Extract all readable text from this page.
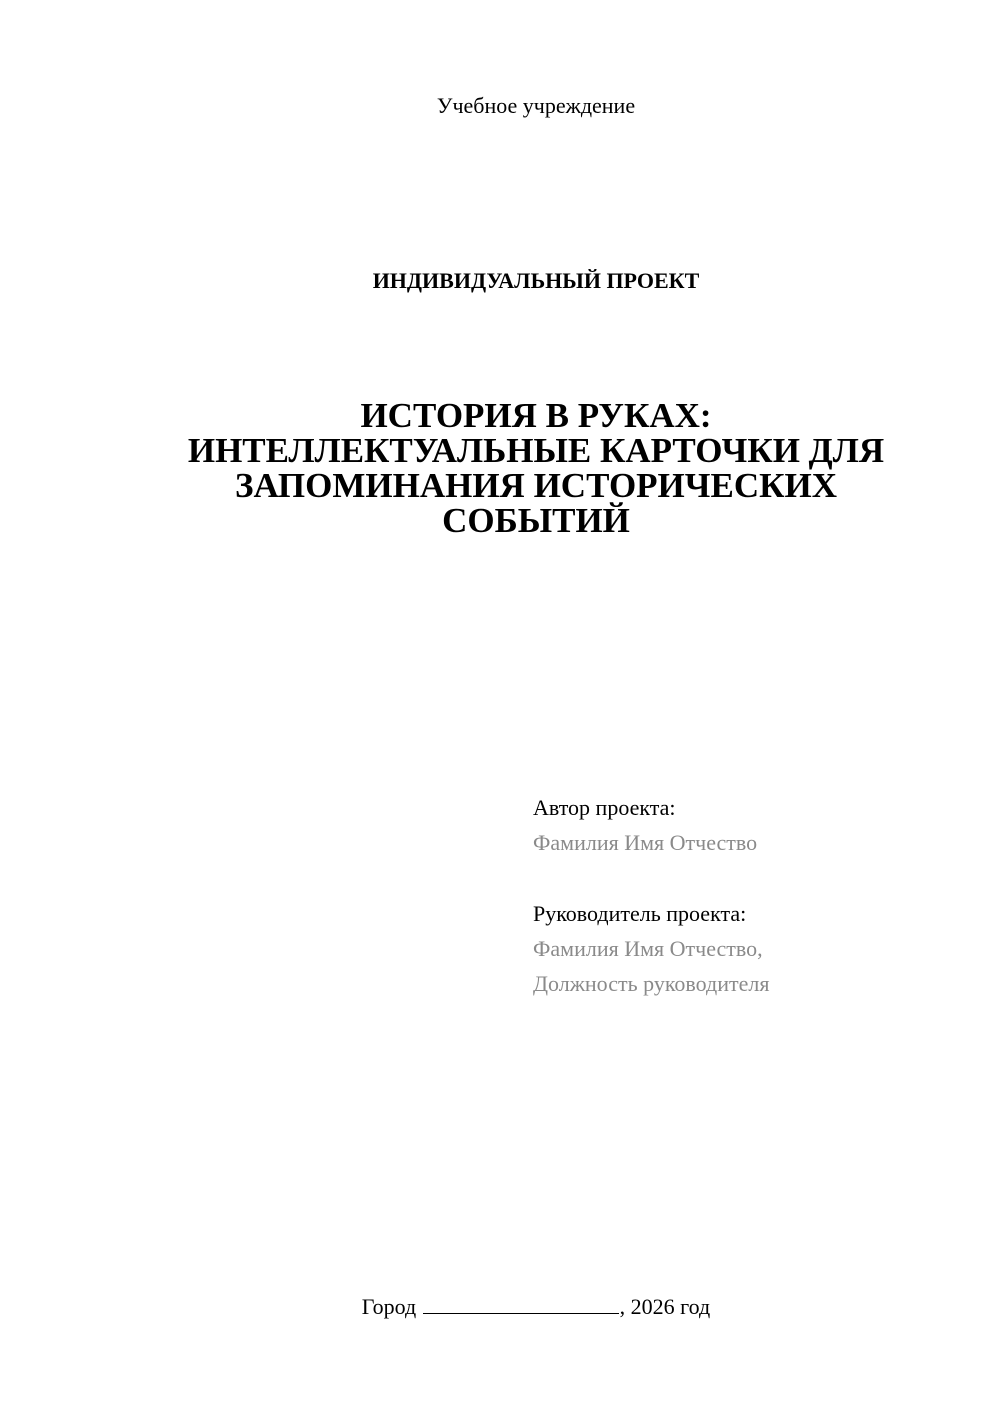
Учебное учреждение
ИНДИВИДУАЛЬНЫЙ ПРОЕКТ
ИСТОРИЯ В РУКАХ:
ИНТЕЛЛЕКТУАЛЬНЫЕ КАРТОЧКИ ДЛЯ
ЗАПОМИНАНИЯ ИСТОРИЧЕСКИХ
СОБЫТИЙ
Автор проекта:
Фамилия Имя Отчество
Руководитель проекта:
Фамилия Имя Отчество,
Должность руководителя
Город	, 2026 год
